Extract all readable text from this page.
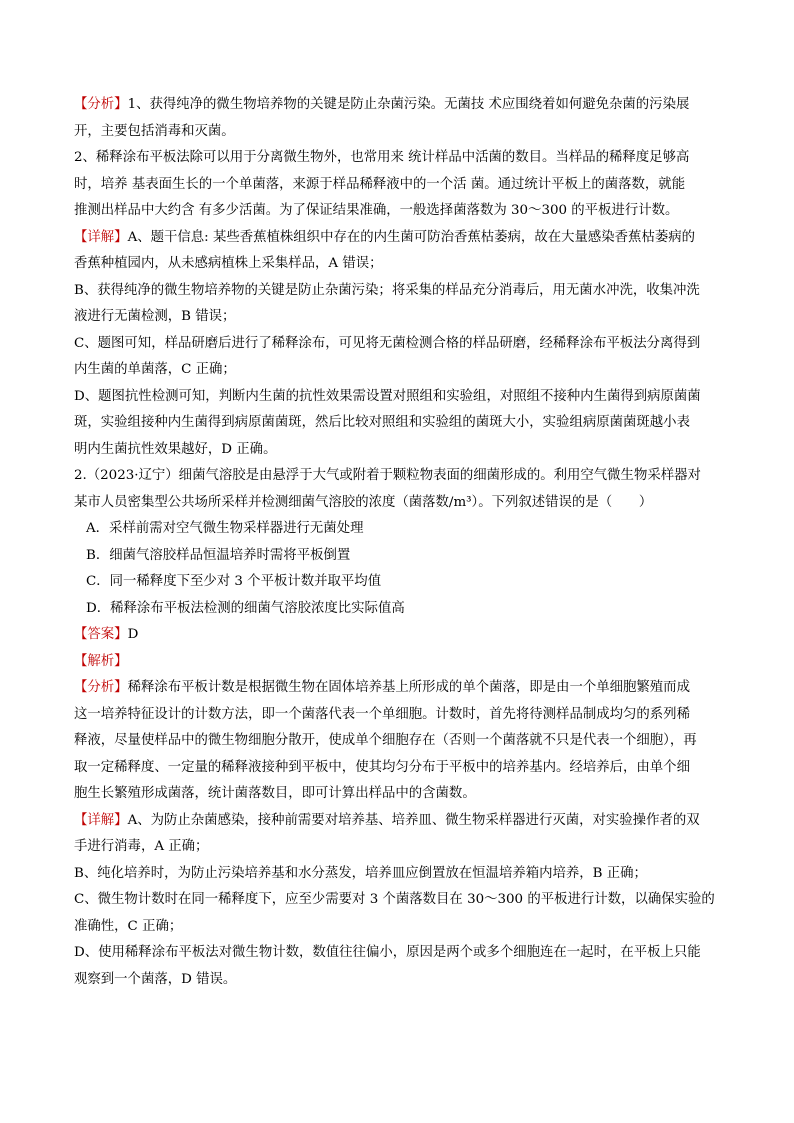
【分析】1、获得纯净的微生物培养物的关键是防止杂菌污染。无菌技 术应围绕着如何避免杂菌的污染展
开，主要包括消毒和灭菌。
2、稀释涂布平板法除可以用于分离微生物外，也常用来 统计样品中活菌的数目。当样品的稀释度足够高
时，培养 基表面生长的一个单菌落，来源于样品稀释液中的一个活 菌。通过统计平板上的菌落数，就能
推测出样品中大约含 有多少活菌。为了保证结果准确，一般选择菌落数为 30～300 的平板进行计数。
【详解】A、题干信息: 某些香蕉植株组织中存在的内生菌可防治香蕉枯萎病，故在大量感染香蕉枯萎病的
香蕉种植园内，从未感病植株上采集样品，A 错误；
B、获得纯净的微生物培养物的关键是防止杂菌污染；将采集的样品充分消毒后，用无菌水冲洗，收集冲洗
液进行无菌检测，B 错误；
C、题图可知，样品研磨后进行了稀释涂布，可见将无菌检测合格的样品研磨，经稀释涂布平板法分离得到
内生菌的单菌落，C 正确；
D、题图抗性检测可知，判断内生菌的抗性效果需设置对照组和实验组，对照组不接种内生菌得到病原菌菌
斑，实验组接种内生菌得到病原菌菌斑，然后比较对照组和实验组的菌斑大小，实验组病原菌菌斑越小表
明内生菌抗性效果越好，D 正确。
2.（2023·辽宁）细菌气溶胶是由悬浮于大气或附着于颗粒物表面的细菌形成的。利用空气微生物采样器对
某市人员密集型公共场所采样并检测细菌气溶胶的浓度（菌落数/m³）。下列叙述错误的是（　　）
A．采样前需对空气微生物采样器进行无菌处理
B．细菌气溶胶样品恒温培养时需将平板倒置
C．同一稀释度下至少对 3 个平板计数并取平均值
D．稀释涂布平板法检测的细菌气溶胶浓度比实际值高
【答案】D
【解析】
【分析】稀释涂布平板计数是根据微生物在固体培养基上所形成的单个菌落，即是由一个单细胞繁殖而成
这一培养特征设计的计数方法，即一个菌落代表一个单细胞。计数时，首先将待测样品制成均匀的系列稀
释液，尽量使样品中的微生物细胞分散开，使成单个细胞存在（否则一个菌落就不只是代表一个细胞），再
取一定稀释度、一定量的稀释液接种到平板中，使其均匀分布于平板中的培养基内。经培养后，由单个细
胞生长繁殖形成菌落，统计菌落数目，即可计算出样品中的含菌数。
【详解】A、为防止杂菌感染，接种前需要对培养基、培养皿、微生物采样器进行灭菌，对实验操作者的双
手进行消毒，A 正确；
B、纯化培养时，为防止污染培养基和水分蒸发，培养皿应倒置放在恒温培养箱内培养，B 正确；
C、微生物计数时在同一稀释度下，应至少需要对 3 个菌落数目在 30～300 的平板进行计数，以确保实验的
准确性，C 正确；
D、使用稀释涂布平板法对微生物计数，数值往往偏小，原因是两个或多个细胞连在一起时，在平板上只能
观察到一个菌落，D 错误。
